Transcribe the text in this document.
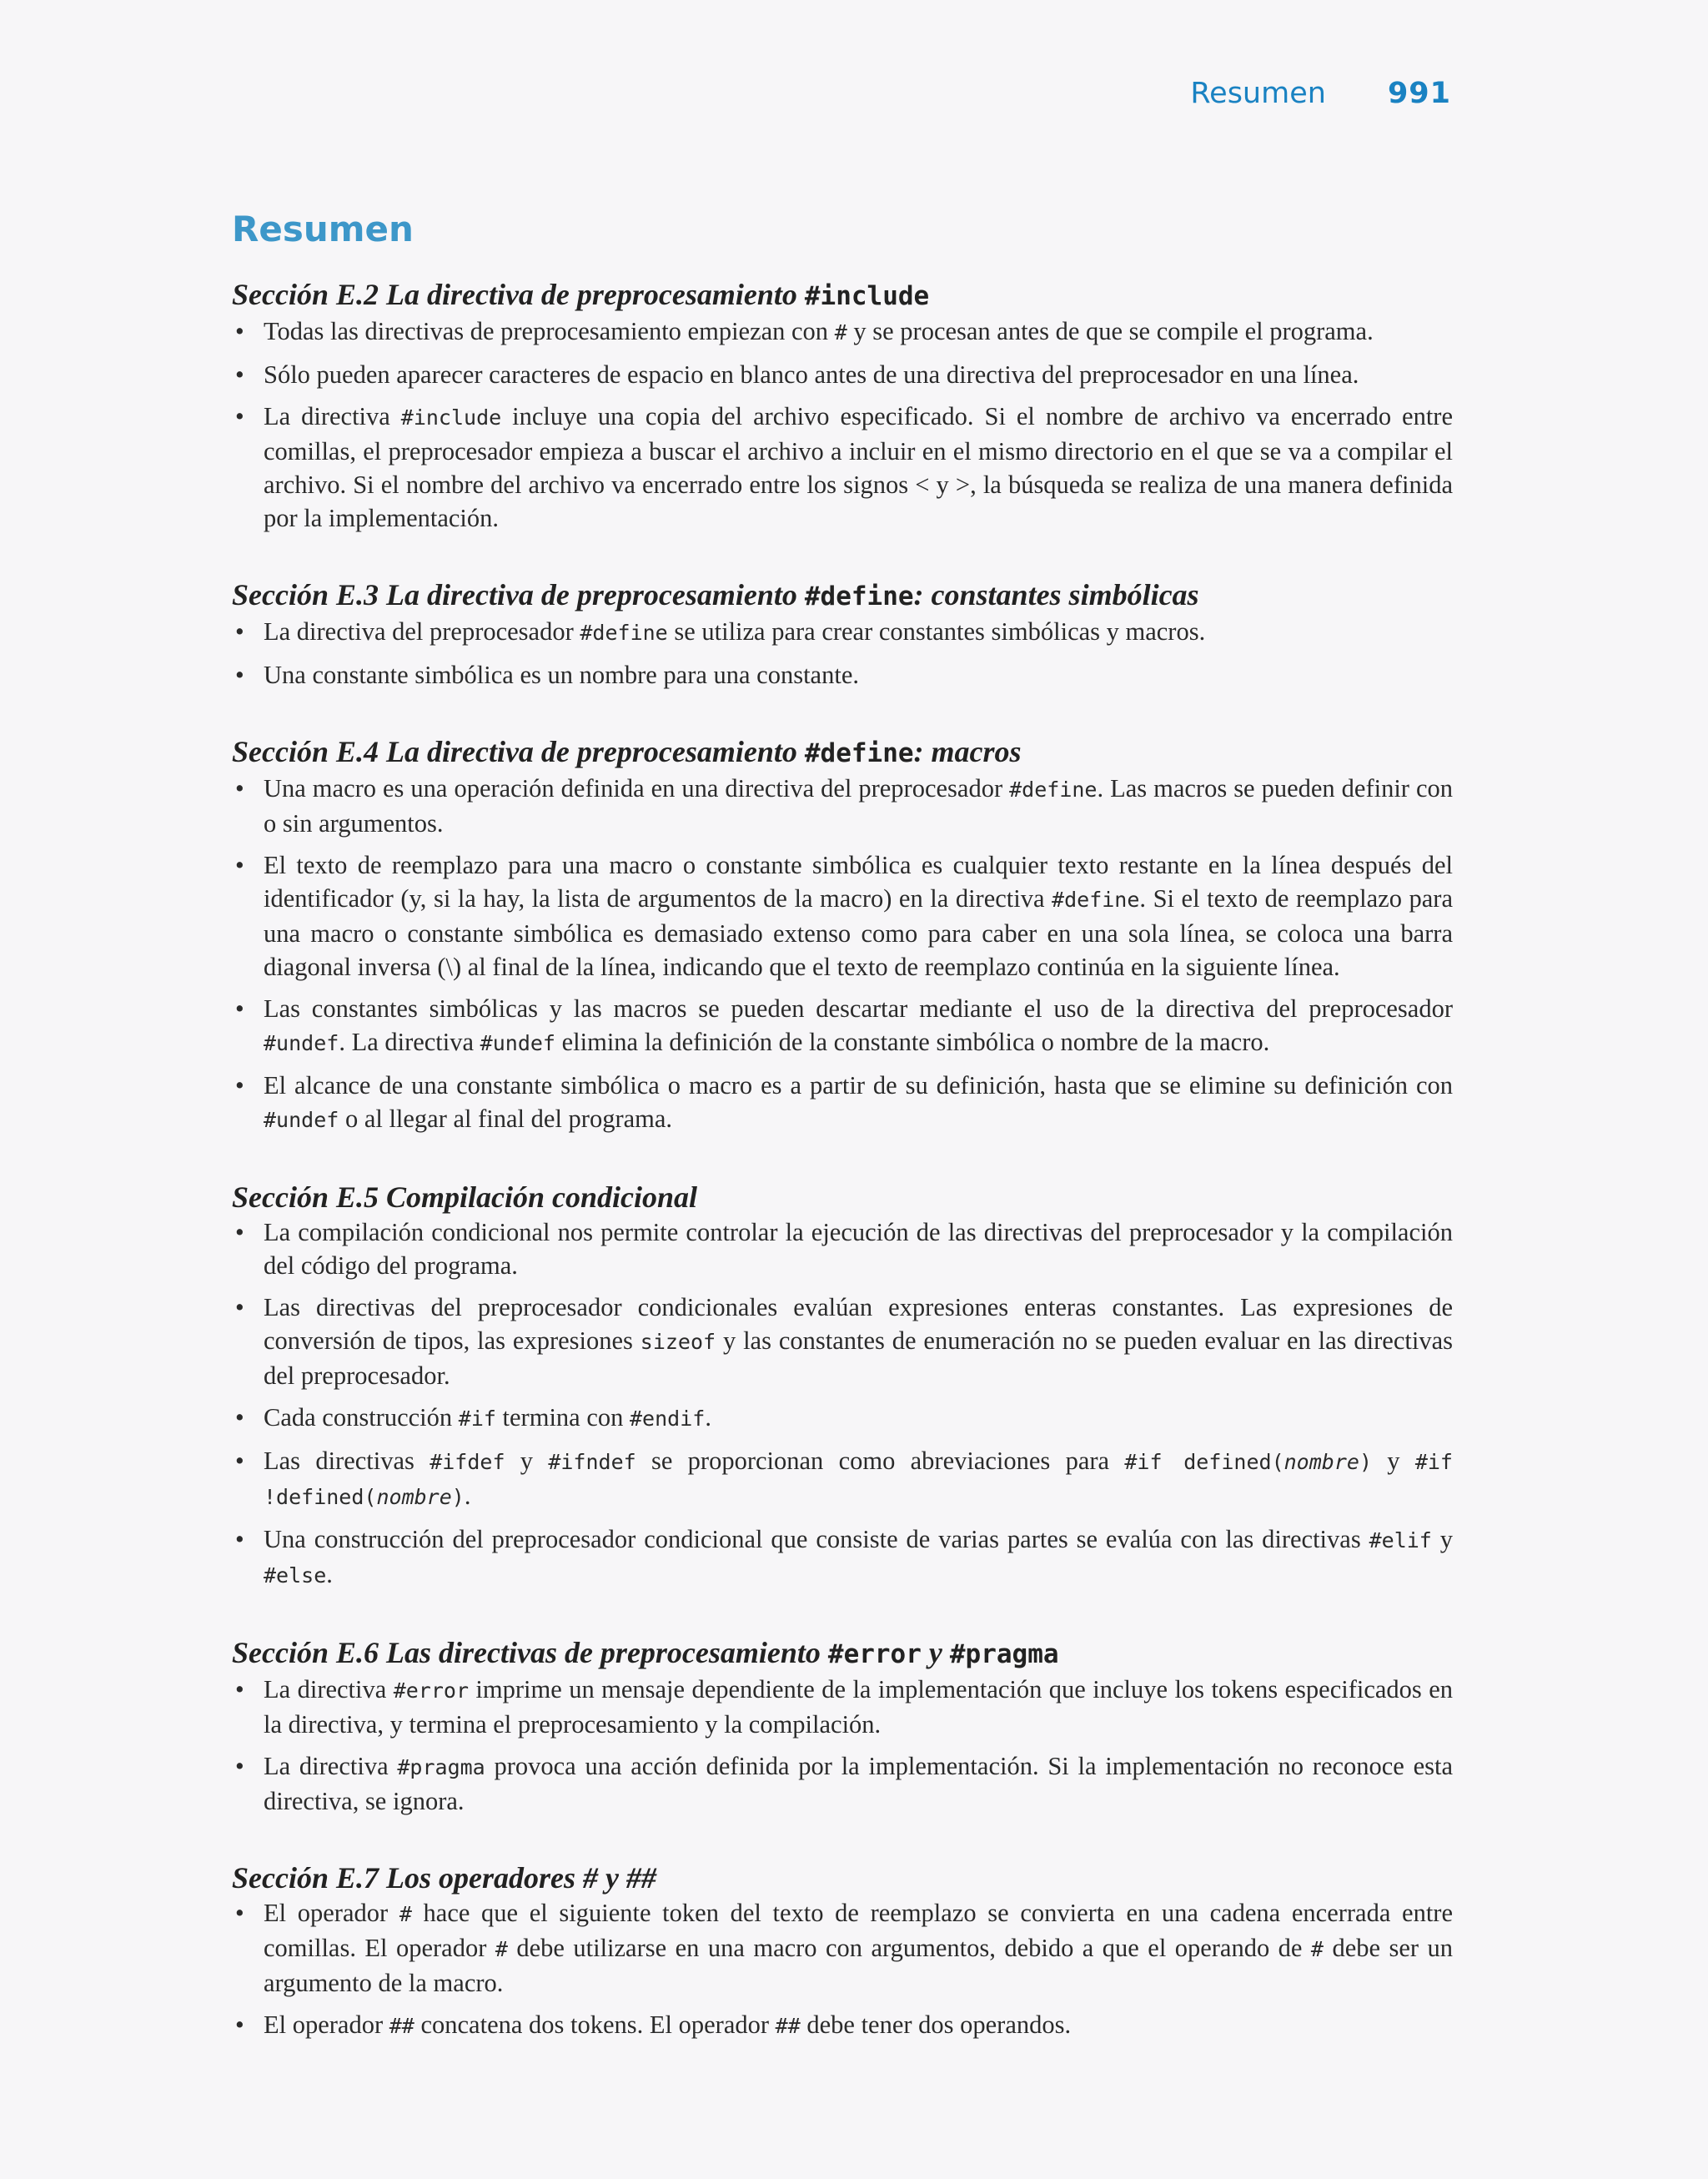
Resumen 991
Resumen
Sección E.2 La directiva de preprocesamiento #include
• Todas las directivas de preprocesamiento empiezan con # y se procesan antes de que se compile el programa.
• Sólo pueden aparecer caracteres de espacio en blanco antes de una directiva del preprocesador en una línea.
• La directiva #include incluye una copia del archivo especificado. Si el nombre de archivo va encerrado entre comillas, el preprocesador empieza a buscar el archivo a incluir en el mismo directorio en el que se va a compilar el archivo. Si el nombre del archivo va encerrado entre los signos < y >, la búsqueda se realiza de una manera definida por la implementación.
Sección E.3 La directiva de preprocesamiento #define: constantes simbólicas
• La directiva del preprocesador #define se utiliza para crear constantes simbólicas y macros.
• Una constante simbólica es un nombre para una constante.
Sección E.4 La directiva de preprocesamiento #define: macros
• Una macro es una operación definida en una directiva del preprocesador #define. Las macros se pueden definir con o sin argumentos.
• El texto de reemplazo para una macro o constante simbólica es cualquier texto restante en la línea después del identificador (y, si la hay, la lista de argumentos de la macro) en la directiva #define. Si el texto de reemplazo para una macro o constante simbólica es demasiado extenso como para caber en una sola línea, se coloca una barra diagonal inversa (\) al final de la línea, indicando que el texto de reemplazo continúa en la siguiente línea.
• Las constantes simbólicas y las macros se pueden descartar mediante el uso de la directiva del preprocesador #undef. La directiva #undef elimina la definición de la constante simbólica o nombre de la macro.
• El alcance de una constante simbólica o macro es a partir de su definición, hasta que se elimine su definición con #undef o al llegar al final del programa.
Sección E.5 Compilación condicional
• La compilación condicional nos permite controlar la ejecución de las directivas del preprocesador y la compilación del código del programa.
• Las directivas del preprocesador condicionales evalúan expresiones enteras constantes. Las expresiones de conversión de tipos, las expresiones sizeof y las constantes de enumeración no se pueden evaluar en las directivas del preprocesador.
• Cada construcción #if termina con #endif.
• Las directivas #ifdef y #ifndef se proporcionan como abreviaciones para #if defined(nombre) y #if !defined(nombre).
• Una construcción del preprocesador condicional que consiste de varias partes se evalúa con las directivas #elif y #else.
Sección E.6 Las directivas de preprocesamiento #error y #pragma
• La directiva #error imprime un mensaje dependiente de la implementación que incluye los tokens especificados en la directiva, y termina el preprocesamiento y la compilación.
• La directiva #pragma provoca una acción definida por la implementación. Si la implementación no reconoce esta directiva, se ignora.
Sección E.7 Los operadores # y ##
• El operador # hace que el siguiente token del texto de reemplazo se convierta en una cadena encerrada entre comillas. El operador # debe utilizarse en una macro con argumentos, debido a que el operando de # debe ser un argumento de la macro.
• El operador ## concatena dos tokens. El operador ## debe tener dos operandos.
